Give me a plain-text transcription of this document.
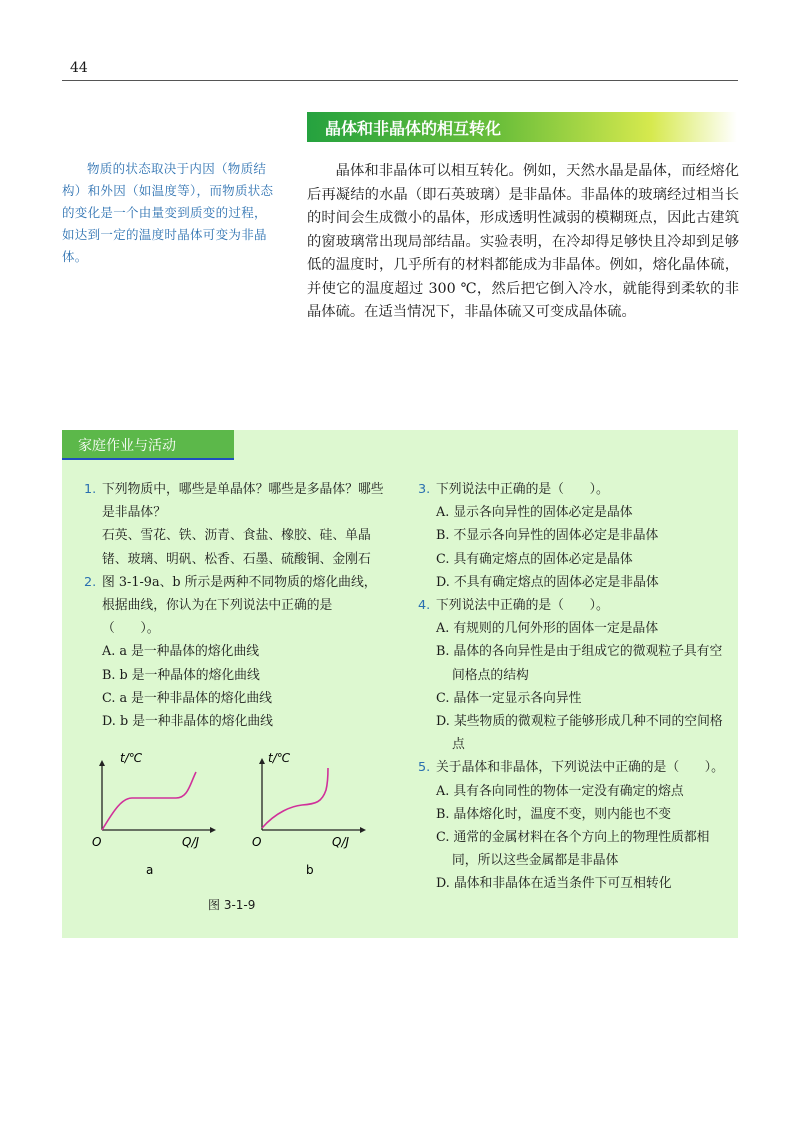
44
物质的状态取决于内因（物质结构）和外因（如温度等），而物质状态的变化是一个由量变到质变的过程，如达到一定的温度时晶体可变为非晶体。
晶体和非晶体的相互转化

晶体和非晶体可以相互转化。例如，天然水晶是晶体，而经熔化后再凝结的水晶（即石英玻璃）是非晶体。非晶体的玻璃经过相当长的时间会生成微小的晶体，形成透明性减弱的模糊斑点，因此古建筑的窗玻璃常出现局部结晶。实验表明，在冷却得足够快且冷却到足够低的温度时，几乎所有的材料都能成为非晶体。例如，熔化晶体硫，并使它的温度超过 300 ℃，然后把它倒入冷水，就能得到柔软的非晶体硫。在适当情况下，非晶体硫又可变成晶体硫。

家庭作业与活动
1. 下列物质中，哪些是单晶体？哪些是多晶体？哪些是非晶体？
石英、雪花、铁、沥青、食盐、橡胶、硅、单晶锗、玻璃、明矾、松香、石墨、硫酸铜、金刚石
2. 图 3-1-9a、b 所示是两种不同物质的熔化曲线，根据曲线，你认为在下列说法中正确的是（　　）。
A. a 是一种晶体的熔化曲线
B. b 是一种晶体的熔化曲线
C. a 是一种非晶体的熔化曲线
D. b 是一种非晶体的熔化曲线
t/℃
O	Q/J
a
t/℃
O	Q/J
b
图 3-1-9
3. 下列说法中正确的是（　　）。
A. 显示各向异性的固体必定是晶体
B. 不显示各向异性的固体必定是非晶体
C. 具有确定熔点的固体必定是晶体
D. 不具有确定熔点的固体必定是非晶体
4. 下列说法中正确的是（　　）。
A. 有规则的几何外形的固体一定是晶体
B. 晶体的各向异性是由于组成它的微观粒子具有空间格点的结构
C. 晶体一定显示各向异性
D. 某些物质的微观粒子能够形成几种不同的空间格点
5. 关于晶体和非晶体，下列说法中正确的是（　　）。
A. 具有各向同性的物体一定没有确定的熔点
B. 晶体熔化时，温度不变，则内能也不变
C. 通常的金属材料在各个方向上的物理性质都相同，所以这些金属都是非晶体
D. 晶体和非晶体在适当条件下可互相转化
